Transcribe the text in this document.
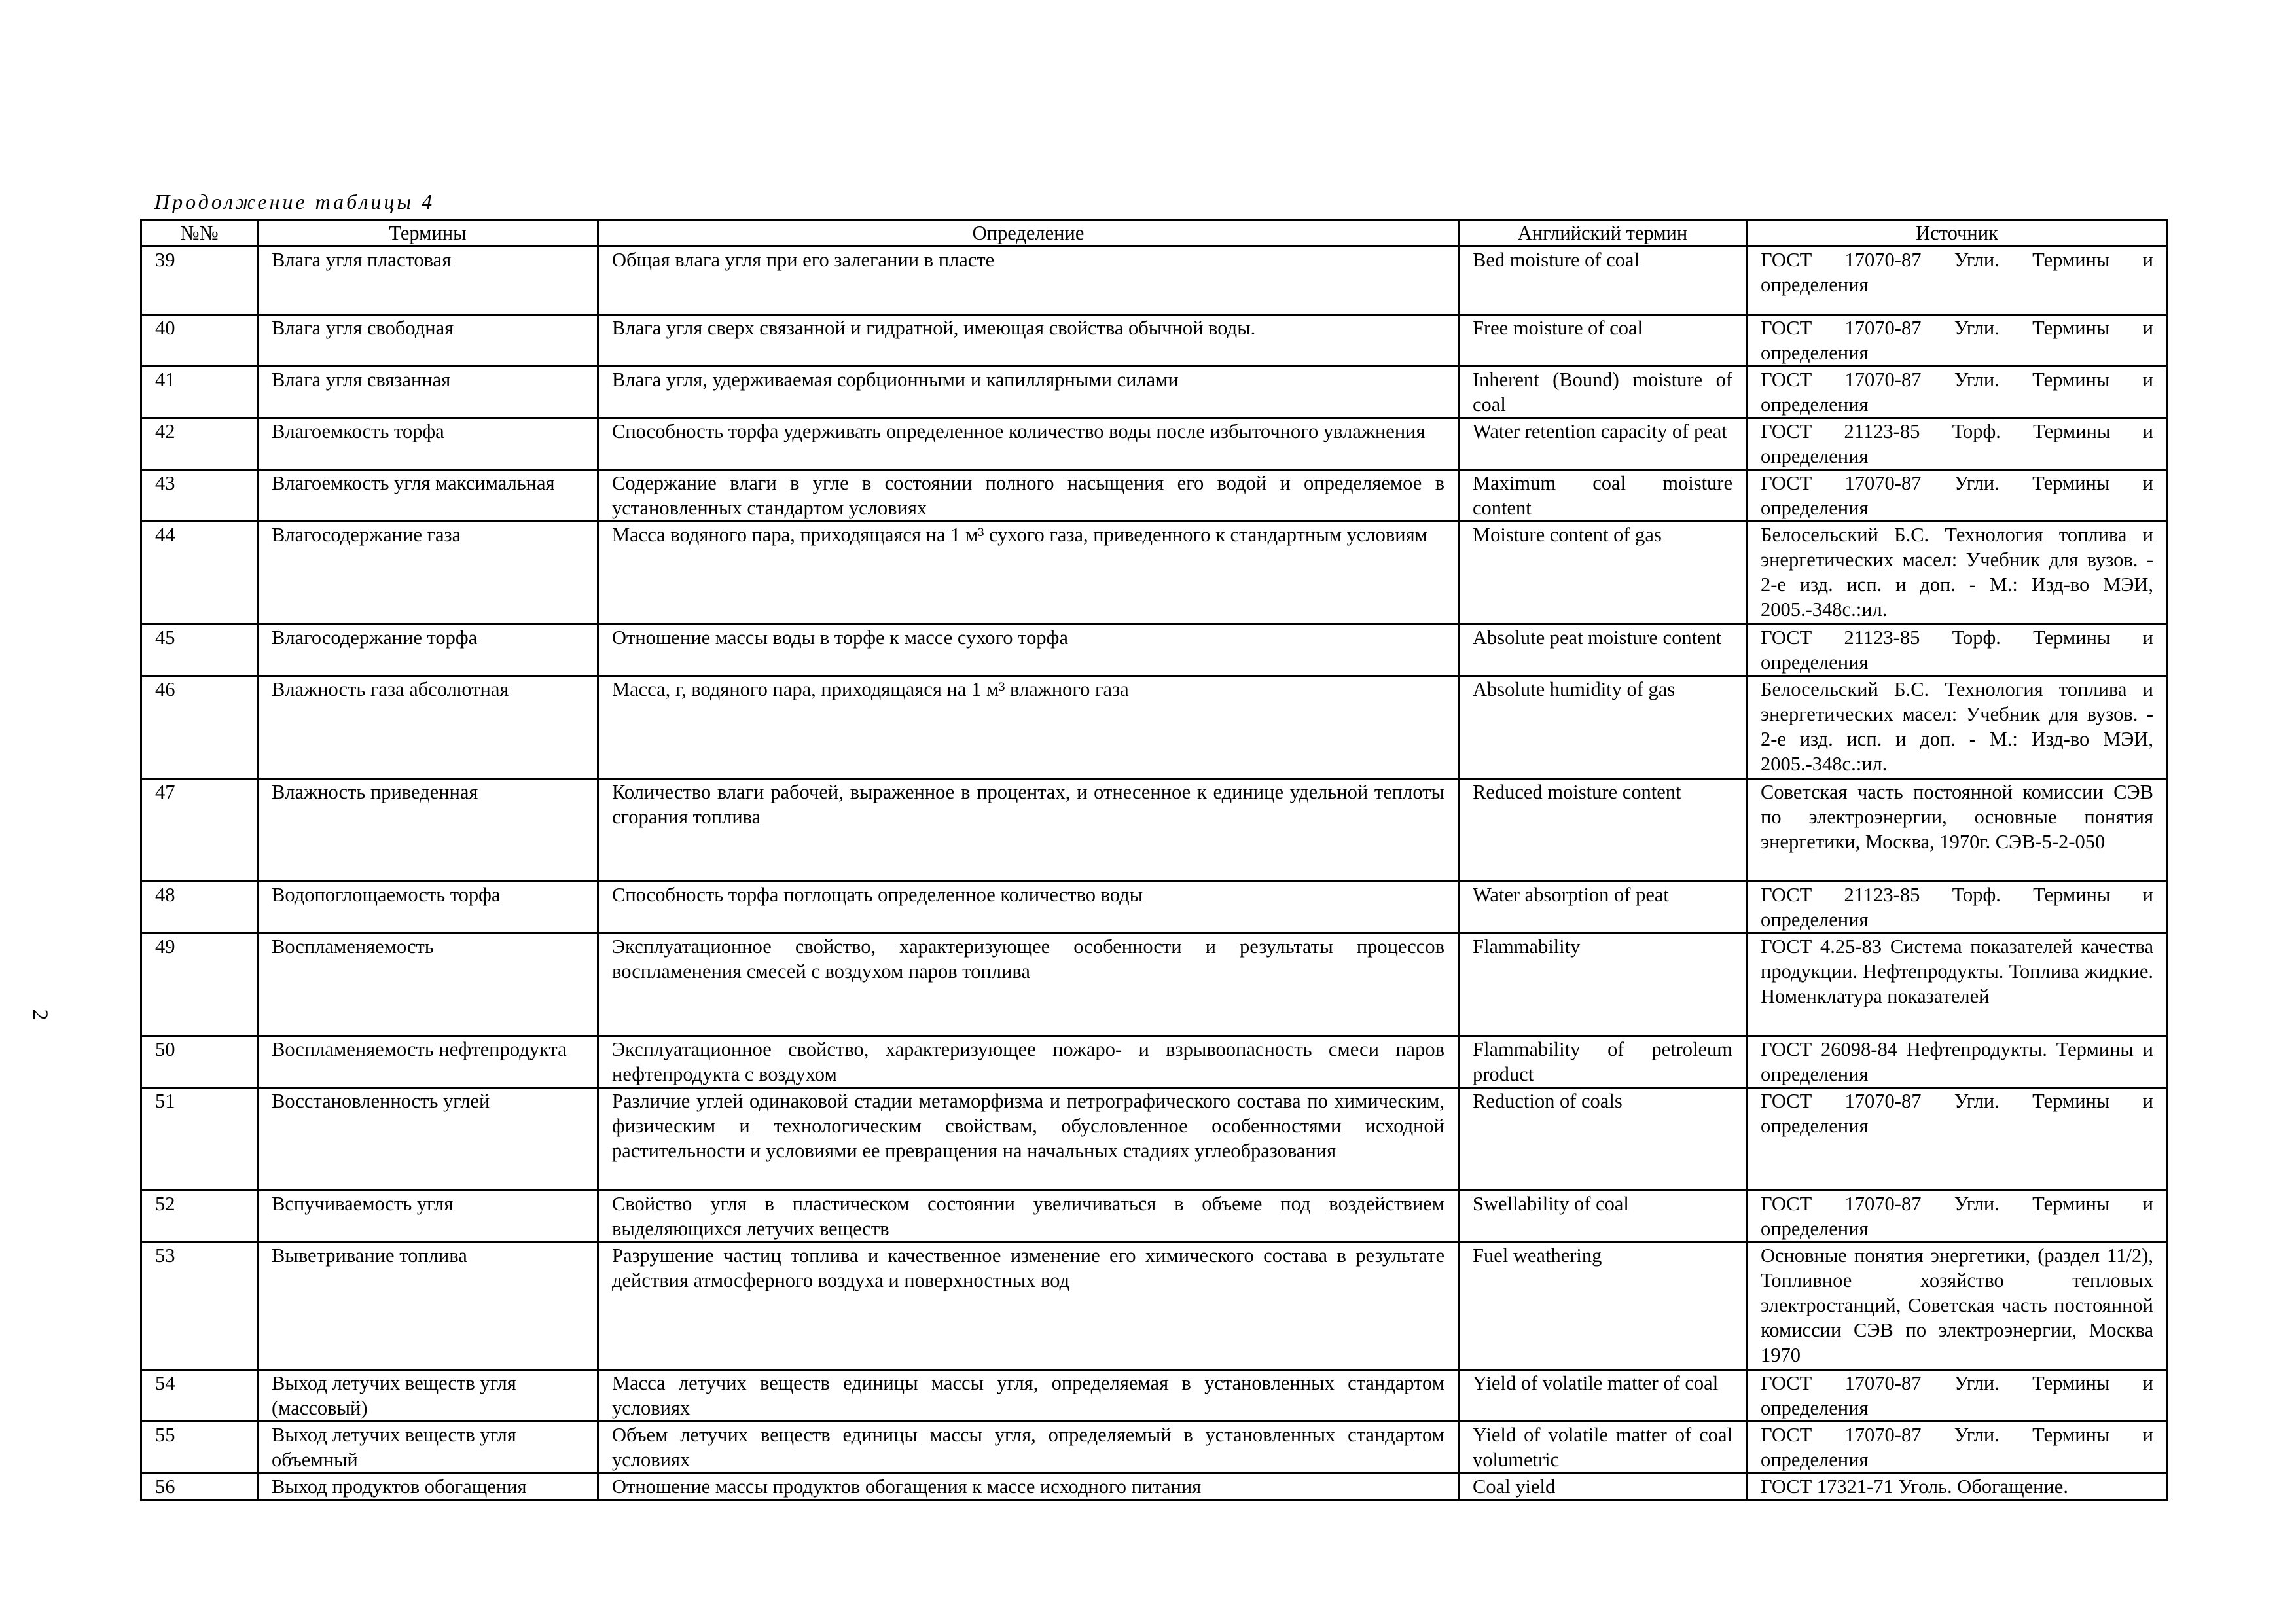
Продолжение таблицы 4
2
№№	Термины	Определение	Английский термин	Источник
39	Влага угля пластовая	Общая влага угля при его залегании в пласте	Bed moisture of coal	ГОСТ 17070-87 Угли. Термины и определения
40	Влага угля свободная	Влага угля сверх связанной и гидратной, имеющая свойства обычной воды.	Free moisture of coal	ГОСТ 17070-87 Угли. Термины и определения
41	Влага угля связанная	Влага угля, удерживаемая сорбционными и капиллярными силами	Inherent (Bound) moisture of coal	ГОСТ 17070-87 Угли. Термины и определения
42	Влагоемкость торфа	Способность торфа удерживать определенное количество воды после избыточного увлажнения	Water retention capacity of peat	ГОСТ 21123-85 Торф. Термины и определения
43	Влагоемкость угля максимальная	Содержание влаги в угле в состоянии полного насыщения его водой и определяемое в установленных стандартом условиях	Maximum coal moisture content	ГОСТ 17070-87 Угли. Термины и определения
44	Влагосодержание газа	Масса водяного пара, приходящаяся на 1 м³ сухого газа, приведенного к стандартным условиям	Moisture content of gas	Белосельский Б.С. Технология топлива и энергетических масел: Учебник для вузов. - 2-е изд. исп. и доп. - М.: Изд-во МЭИ, 2005.-348с.:ил.
45	Влагосодержание торфа	Отношение массы воды в торфе к массе сухого торфа	Absolute peat moisture content	ГОСТ 21123-85 Торф. Термины и определения
46	Влажность газа абсолютная	Масса, г, водяного пара, приходящаяся на 1 м³ влажного газа	Absolute humidity of gas	Белосельский Б.С. Технология топлива и энергетических масел: Учебник для вузов. - 2-е изд. исп. и доп. - М.: Изд-во МЭИ, 2005.-348с.:ил.
47	Влажность приведенная	Количество влаги рабочей, выраженное в процентах, и отнесенное к единице удельной теплоты сгорания топлива	Reduced moisture content	Советская часть постоянной комиссии СЭВ по электроэнергии, основные понятия энергетики, Москва, 1970г. СЭВ-5-2-050
48	Водопоглощаемость торфа	Способность торфа поглощать определенное количество воды	Water absorption of peat	ГОСТ 21123-85 Торф. Термины и определения
49	Воспламеняемость	Эксплуатационное свойство, характеризующее особенности и результаты процессов воспламенения смесей с воздухом паров топлива	Flammability	ГОСТ 4.25-83 Система показателей качества продукции. Нефтепродукты. Топлива жидкие. Номенклатура показателей
50	Воспламеняемость нефтепродукта	Эксплуатационное свойство, характеризующее пожаро- и взрывоопасность смеси паров нефтепродукта с воздухом	Flammability of petroleum product	ГОСТ 26098-84 Нефтепродукты. Термины и определения
51	Восстановленность углей	Различие углей одинаковой стадии метаморфизма и петрографического состава по химическим, физическим и технологическим свойствам, обусловленное особенностями исходной растительности и условиями ее превращения на начальных стадиях углеобразования	Reduction of coals	ГОСТ 17070-87 Угли. Термины и определения
52	Вспучиваемость угля	Свойство угля в пластическом состоянии увеличиваться в объеме под воздействием выделяющихся летучих веществ	Swellability of coal	ГОСТ 17070-87 Угли. Термины и определения
53	Выветривание топлива	Разрушение частиц топлива и качественное изменение его химического состава в результате действия атмосферного воздуха и поверхностных вод	Fuel weathering	Основные понятия энергетики, (раздел 11/2), Топливное хозяйство тепловых электростанций, Советская часть постоянной комиссии СЭВ по электроэнергии, Москва 1970
54	Выход летучих веществ угля (массовый)	Масса летучих веществ единицы массы угля, определяемая в установленных стандартом условиях	Yield of volatile matter of coal	ГОСТ 17070-87 Угли. Термины и определения
55	Выход летучих веществ угля объемный	Объем летучих веществ единицы массы угля, определяемый в установленных стандартом условиях	Yield of volatile matter of coal volumetric	ГОСТ 17070-87 Угли. Термины и определения
56	Выход продуктов обогащения	Отношение массы продуктов обогащения к массе исходного питания	Coal yield	ГОСТ 17321-71 Уголь. Обогащение.
